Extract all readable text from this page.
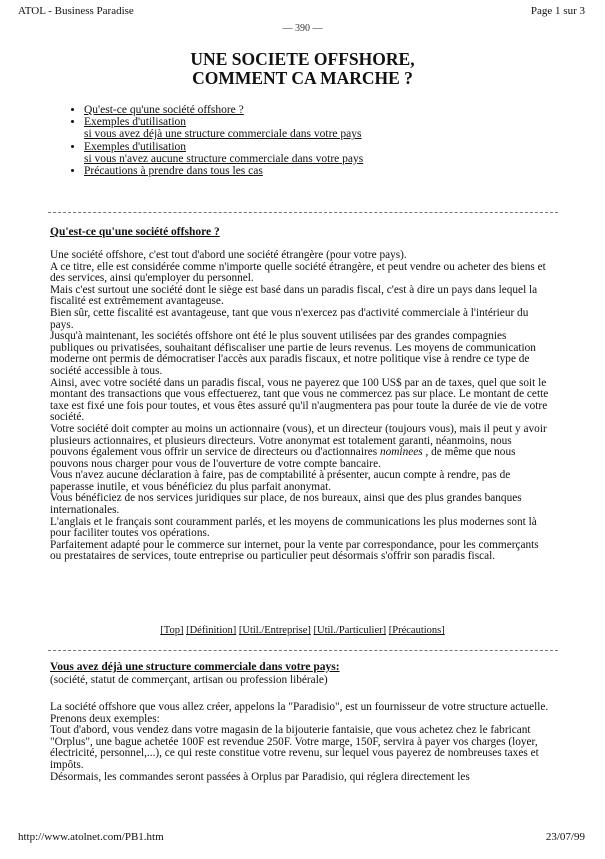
ATOL - Business Paradise	Page 1 sur 3
— 390 —
UNE SOCIETE OFFSHORE,
COMMENT CA MARCHE ?
• Qu'est-ce qu'une société offshore ?
• Exemples d'utilisation
si vous avez déjà une structure commerciale dans votre pays
• Exemples d'utilisation
si vous n'avez aucune structure commerciale dans votre pays
• Précautions à prendre dans tous les cas
Qu'est-ce qu'une société offshore ?

Une société offshore, c'est tout d'abord une société étrangère (pour votre pays).

A ce titre, elle est considérée comme n'importe quelle société étrangère, et peut vendre ou acheter des biens et des services, ainsi qu'employer du personnel.

Mais c'est surtout une société dont le siège est basé dans un paradis fiscal, c'est à dire un pays dans lequel la fiscalité est extrêmement avantageuse.

Bien sûr, cette fiscalité est avantageuse, tant que vous n'exercez pas d'activité commerciale à l'intérieur du pays.

Jusqu'à maintenant, les sociétés offshore ont été le plus souvent utilisées par des grandes compagnies publiques ou privatisées, souhaitant défiscaliser une partie de leurs revenus. Les moyens de communication moderne ont permis de démocratiser l'accès aux paradis fiscaux, et notre politique vise à rendre ce type de société accessible à tous.

Ainsi, avec votre société dans un paradis fiscal, vous ne payerez que 100 US$ par an de taxes, quel que soit le montant des transactions que vous effectuerez, tant que vous ne commercez pas sur place. Le montant de cette taxe est fixé une fois pour toutes, et vous êtes assuré qu'il n'augmentera pas pour toute la durée de vie de votre société.

Votre société doit compter au moins un actionnaire (vous), et un directeur (toujours vous), mais il peut y avoir plusieurs actionnaires, et plusieurs directeurs. Votre anonymat est totalement garanti, néanmoins, nous pouvons également vous offrir un service de directeurs ou d'actionnaires nominees , de même que nous pouvons nous charger pour vous de l'ouverture de votre compte bancaire.

Vous n'avez aucune déclaration à faire, pas de comptabilité à présenter, aucun compte à rendre, pas de paperasse inutile, et vous bénéficiez du plus parfait anonymat.

Vous bénéficiez de nos services juridiques sur place, de nos bureaux, ainsi que des plus grandes banques internationales.

L'anglais et le français sont couramment parlés, et les moyens de communications les plus modernes sont là pour faciliter toutes vos opérations.

Parfaitement adapté pour le commerce sur internet, pour la vente par correspondance, pour les commerçants ou prestataires de services, toute entreprise ou particulier peut désormais s'offrir son paradis fiscal.

[Top] [Définition] [Util./Entreprise] [Util./Particulier] [Précautions]
Vous avez déjà une structure commerciale dans votre pays:

(société, statut de commerçant, artisan ou profession libérale)

La société offshore que vous allez créer, appelons la "Paradisio", est un fournisseur de votre structure actuelle.

Prenons deux exemples:

Tout d'abord, vous vendez dans votre magasin de la bijouterie fantaisie, que vous achetez chez le fabricant "Orplus", une bague achetée 100F est revendue 250F. Votre marge, 150F, servira à payer vos charges (loyer, électricité, personnel,...), ce qui reste constitue votre revenu, sur lequel vous payerez de nombreuses taxes et impôts.

Désormais, les commandes seront passées à Orplus par Paradisio, qui réglera directement les

http://www.atolnet.com/PB1.htm	23/07/99
